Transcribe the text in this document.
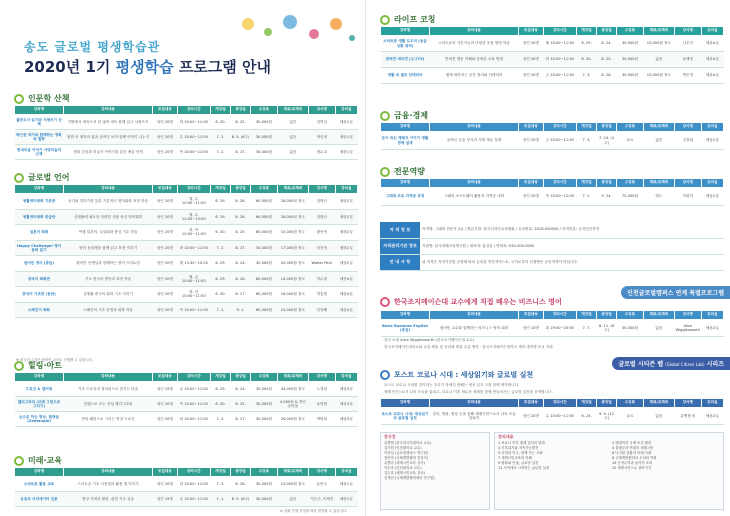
송도 글로벌 평생학습관
2020년 1기 평생학습 프로그램 안내
인문학 산책
강좌명	강좌내용	모집대상	강의시간	개강일	종강일	수강료	재료/교재비	강사명	강의실
출판도서 읽기와 서평쓰기 산책	가방에서 애독도서 한 권씩 애독 함께 읽고 서평쓰기	성인 20명	화 10:00~11:50	6. 30.	8. 25.	30,000원	없음	강연실	배움1실
박근완 작가와 함께하는 영화 속 철학	영화 속 철학과 삶을 들여다 보며 함께 이야기 나누기	성인 20명	수 10:00~11:50	7. 1.	8. 5. (6주)	30,000원	없음	박인정	배움1실
현대미술 이야기 서양미술의 산책	명화 감상과 미술사 이야기를 통한 예술 산책	성인 20명	목 10:00~11:50	7. 2.	8. 27.	30,000원	없음	정수교	배움1실
글로벌 언어
강좌명	강좌내용	모집대상	강의시간	개강일	종강일	수강료	재료/교재비	강사명	강의실
생활영어회화 기본반	듣기와 말하기를 통한 기본적인 영어회화 표현 학습	성인 20명	월, 수 10:00~11:50	6. 29.	8. 26.	60,000원	18,000원 정도	강명선	배움2실
생활영어회화 중급반	실생활에 필요한 다양한 상황 중심 영어회화	성인 20명	월, 수 12:00~13:50	6. 29.	8. 26.	60,000원	18,000원 정도	강명선	배움2실
일본어 회화	여행 일본어, 일상회화 중심 기초 학습	성인 20명	화, 목 10:00~11:50	6. 30.	8. 25.	60,000원	15,000원 정도	황선영	배움2실
Happy Challenge! 영어 동화 읽기	영어 동화책을 함께 읽고 표현 익히기	성인 20명	화 10:00~11:50	7. 2.	8. 27.	30,000원	17,000원 정도	서진영	배움2실
원어민 영어 (중급)	원어민 선생님과 함께하는 영어 프리토킹	성인 20명	월 13:30~15:20	6. 29.	8. 24.	30,000원	20,000원 정도	Walter Park	배움2실
중국어 회화반	기초 중국어 발음과 표현 학습	성인 20명	월, 수 10:00~11:50	6. 29.	8. 26.	60,000원	14,000원 정도	허수령	배움4실
중국어 기초반 (동반)	실생활 중국어 회화 기초 익히기	성인 20명	화, 목 10:00~11:50	6. 30.	8. 27.	60,000원	16,000원 정도	허홍범	배움4실
스페인어 회화	스페인어 기초 문법과 회화 학습	성인 20명	목 10:00~11:50	7. 2.	9. 1.	60,000원	15,000원 정도	신현해	배움4실
힐링·아트
강좌명	강좌내용	모집대상	강의시간	개강일	종강일	수강료	재료/교재비	강사명	강의실
드로잉 & 컬러링	기초 드로잉과 컬러링으로 즐기는 미술	성인 15명	수 10:00~11:50	6. 29.	8. 24.	30,000원	44,000원 정도	노경희	배움3실
캘리그라피 (미래 그림으로 그리기)	붓펜으로 쓰는 감성 캘리그라피	성인 20명	목 10:00~11:50	6. 30.	8. 25.	30,000원	4,000원 & 개인준비물	윤영범	배움3실
손으로 하는 명상, 젠탱글 (Zentangle)	반복 패턴으로 그리는 명상 드로잉	성인 20명	화 10:00~11:50	7. 2.	8. 27.	30,000원	26,000원 정도	박명희	배움3실
미래·교육
강좌명	강좌내용	모집대상	강의시간	개강일	종강일	수강료	재료/교재비	강사명	강의실
스마트폰 활용 교육	스마트폰 기초 사용법과 활용 앱 익히기	성인 20명	화 10:00~11:50	7. 3.	8. 28.	30,000원	15,000원 정도	유연주	배움1실
유튜브 크리에이터 입문	영상 기획과 촬영, 편집 기초 실습	성인 15명	수 10:00~11:50	7. 1.	8. 5. (6주)	30,000원	없음	이은주, 이세진	배움1실
※ 외국어 수업은 원어민 교사로 진행될 수 있습니다.
※ 강좌 진행 사정에 따라 변경될 수 있습니다.
라이프 코칭
강좌명	강좌내용	모집대상	강의시간	개강일	종강일	수강료	재료/교재비	강사명	강의실
스마트폰 생활 도우미 (응급상황 대처)	스마트폰의 기본기능과 다양한 응용 방법 학습	성인 20명	월 10:00~11:50	6. 29.	8. 24.	30,000원	10,000원 정도	나우진	배움4실
반려견 에티켓 (도그TV)	반려견 행동 이해와 올바른 교육 방법	성인 20명	화 10:00~11:50	6. 30.	8. 25.	30,000원	없음	윤혜영	배움4실
생활 속 셀프 인테리어	쉽게 따라하는 공간 정리와 인테리어	성인 20명	금 10:00~11:50	7. 3.	8. 28.	30,000원	10,000원 정도	박은정	배움4실
금융·경제
강좌명	강좌내용	모집대상	강의시간	개강일	종강일	수강료	재료/교재비	강사명	강의실
돈이 되는 재테크 이야기 생활경제 설계	올바른 금융 상식과 가계 재무 설계	성인 20명	금 10:00~11:50	7. 3.	7. 24. (4주)	무료	없음	김정원	배움2실
전문역량
강좌명	강좌내용	모집대상	강의시간	개강일	종강일	수강료	재료/교재비	강사명	강의실
그래픽 프로 자격증 과정	그래픽 소프트웨어 활용과 자격증 대비	성인 20명	목 10:00~12:00	7. 2.	9. 24.	70,000원	별도	이희민	배움2실
자 격 정 보	자격명: 그래픽 전문가 2급 / 발급기관: 한국디자인교육협회 / 등록번호: 2018-000000 / 자격종류: 등록민간자격
자격관리기관 정보	기관명: 한국미래교육연구원 / 대표자: 홍길동 / 연락처: 032-000-0000
안 내 사 항	위 자격은 자격기본법 규정에 따라 등록한 민간자격으로, 국가로부터 인정받은 공인자격이 아닙니다.
인천글로벌캠퍼스 연계 특별프로그램
한국조지메이슨대 교수에게 직접 배우는 비즈니스 영어
강좌명	강좌내용	모집대상	강의시간	개강일	종강일	수강료	재료/교재비	강사명	강의실
Basic Business English (중급)	원어민 교수와 함께하는 비즈니스 영어 회화	성인 15명	화 19:00~20:50	7. 7.	8. 11. (6주)	30,000원	없음	Alice Wigglesworth	배움2실
강사 소개 Alice Wigglesworth (한국조지메이슨대 교수)
한국조지메이슨대학교와 교강 제휴 및 산업체 제휴 수업 협약 · 한국조지메이슨대학교 재학 대학생 조교 지원
글로벌 시티즌 랩 (Global Citizen Lab) 시리즈
포스트 코로나 시대 : 세상읽기와 글로벌 실천
포스트 코로나 시대를 맞이하는 우리가 자세히 변해는 세상 읽기 고찰 함께 생각합니다.
세계시민으로서 나의 모습을 살피고, 코로나 이후 새로운 세계를 함께 만들어가는 글로벌 실천을 모색합니다.
강좌명	강좌내용	모집대상	강의시간	개강일	종강일	수강료	재료/교재비	강사명	강의실
포스트 코로나 시대: 세상읽기와 글로벌 실천	강의, 영화, 영상 등을 통해 세계시민으로서 나의 모습 살피기	성인 20명	수 10:00~11:50	6. 24.	9. 9. (12주)	무료	없음	유엔젠 외	배움2실
강사진
유엔젠 (한국외국어대학교 교수)
김기원 (인천대학교 교수)
이강일 (글로벌캠퍼스 연구원)
정은아 (국제개발협력 전문가)
유엔나 (세계시민교육 강사)
이수조 (인천대학교 교수)
김수호 (세계시민교육 강사)
신재천 (국제개발협력센터 연구원)
강의내용
1 코로나 이후 세계 질서의 변화	2 팬데믹과 국제 보건 협력
3 기후위기와 지속가능발전	4 불평등과 연대의 세계시민
5 난민과 이주, 함께 사는 사회	6 디지털 전환과 미래 사회
7 세계시민교육의 이해	8 국제개발협력과 우리의 역할
9 평화와 인권, 글로벌 실천	10 공정무역과 윤리적 소비
11 지역에서 시작하는 글로벌 실천	12 세계시민으로 살아가기
